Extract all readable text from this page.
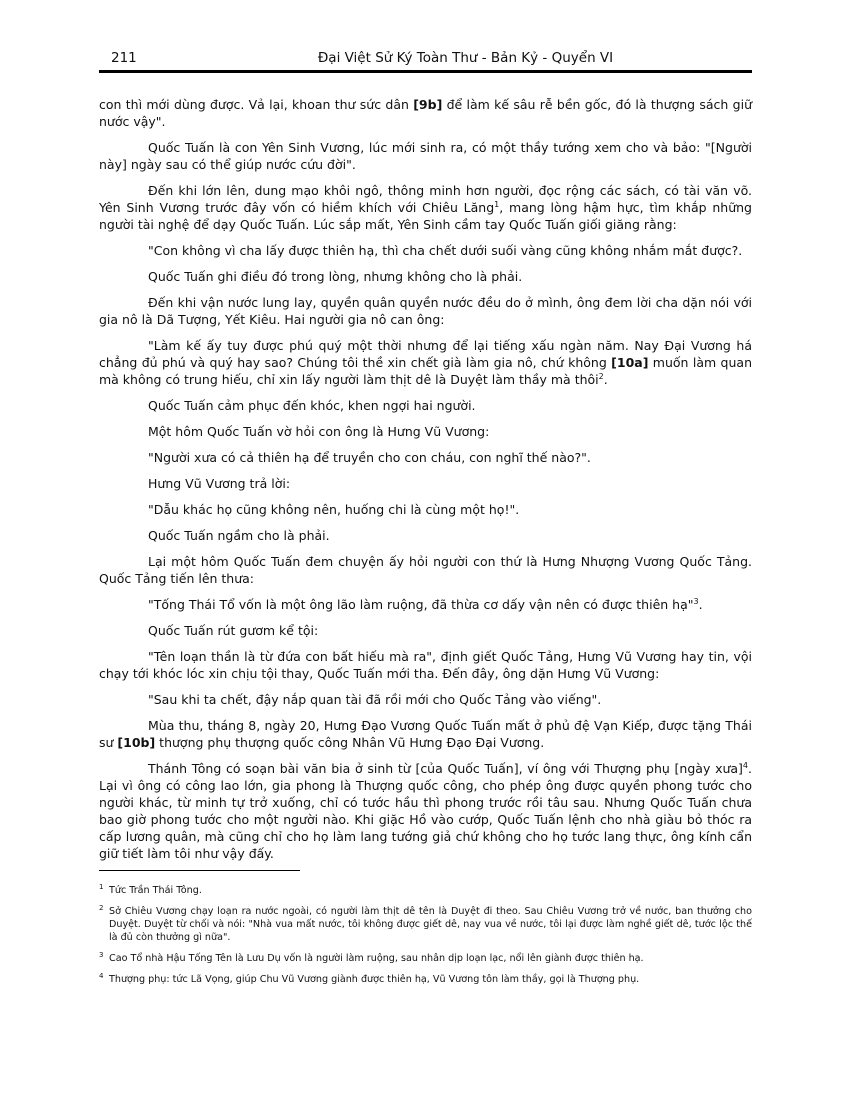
211	Đại Việt Sử Ký Toàn Thư - Bản Kỷ - Quyển VI

con thì mới dùng được. Vả lại, khoan thư sức dân [9b] để làm kế sâu rễ bền gốc, đó là thượng sách giữ nước vậy".

Quốc Tuấn là con Yên Sinh Vương, lúc mới sinh ra, có một thầy tướng xem cho và bảo: "[Người này] ngày sau có thể giúp nước cứu đời".

Đến khi lớn lên, dung mạo khôi ngô, thông minh hơn người, đọc rộng các sách, có tài văn võ. Yên Sinh Vương trước đây vốn có hiềm khích với Chiêu Lăng$^1$, mang lòng hậm hực, tìm khắp những người tài nghệ để dạy Quốc Tuấn. Lúc sắp mất, Yên Sinh cầm tay Quốc Tuấn giối giăng rằng:

"Con không vì cha lấy được thiên hạ, thì cha chết dưới suối vàng cũng không nhắm mắt được?.

Quốc Tuấn ghi điều đó trong lòng, nhưng không cho là phải.

Đến khi vận nước lung lay, quyền quân quyền nước đều do ở mình, ông đem lời cha dặn nói với gia nô là Dã Tượng, Yết Kiêu. Hai người gia nô can ông:

"Làm kế ấy tuy được phú quý một thời nhưng để lại tiếng xấu ngàn năm. Nay Đại Vương há chẳng đủ phú và quý hay sao? Chúng tôi thề xin chết già làm gia nô, chứ không [10a] muốn làm quan mà không có trung hiếu, chỉ xin lấy người làm thịt dê là Duyệt làm thầy mà thôi$^2$.

Quốc Tuấn cảm phục đến khóc, khen ngợi hai người.

Một hôm Quốc Tuấn vờ hỏi con ông là Hưng Vũ Vương:

"Người xưa có cả thiên hạ để truyền cho con cháu, con nghĩ thế nào?".

Hưng Vũ Vương trả lời:

"Dẫu khác họ cũng không nên, huống chi là cùng một họ!".

Quốc Tuấn ngầm cho là phải.

Lại một hôm Quốc Tuấn đem chuyện ấy hỏi người con thứ là Hưng Nhượng Vương Quốc Tảng. Quốc Tảng tiến lên thưa:

"Tống Thái Tổ vốn là một ông lão làm ruộng, đã thừa cơ dấy vận nên có được thiên hạ"$^3$.

Quốc Tuấn rút gươm kể tội:

"Tên loạn thần là từ đứa con bất hiếu mà ra", định giết Quốc Tảng, Hưng Vũ Vương hay tin, vội chạy tới khóc lóc xin chịu tội thay, Quốc Tuấn mới tha. Đến đây, ông dặn Hưng Vũ Vương:

"Sau khi ta chết, đậy nắp quan tài đã rồi mới cho Quốc Tảng vào viếng".

Mùa thu, tháng 8, ngày 20, Hưng Đạo Vương Quốc Tuấn mất ở phủ đệ Vạn Kiếp, được tặng Thái sư [10b] thượng phụ thượng quốc công Nhân Vũ Hưng Đạo Đại Vương.

Thánh Tông có soạn bài văn bia ở sinh từ [của Quốc Tuấn], ví ông với Thượng phụ [ngày xưa]$^4$. Lại vì ông có công lao lớn, gia phong là Thượng quốc công, cho phép ông được quyền phong tước cho người khác, từ minh tự trở xuống, chỉ có tước hầu thì phong trước rồi tâu sau. Nhưng Quốc Tuấn chưa bao giờ phong tước cho một người nào. Khi giặc Hồ vào cướp, Quốc Tuấn lệnh cho nhà giàu bỏ thóc ra cấp lương quân, mà cũng chỉ cho họ làm lang tướng giả chứ không cho họ tước lang thực, ông kính cẩn giữ tiết làm tôi như vậy đấy.

1 Tức Trần Thái Tông.
2 Sở Chiêu Vương chạy loạn ra nước ngoài, có người làm thịt dê tên là Duyệt đi theo. Sau Chiêu Vương trở về nước, ban thưởng cho Duyệt. Duyệt từ chối và nói: "Nhà vua mất nước, tôi không được giết dê, nay vua về nước, tôi lại được làm nghề giết dê, tước lộc thế là đủ còn thưởng gì nữa".
3 Cao Tổ nhà Hậu Tống Tên là Lưu Dụ vốn là người làm ruộng, sau nhân dịp loạn lạc, nổi lên giành được thiên hạ.
4 Thượng phụ: tức Lã Vọng, giúp Chu Vũ Vương giành được thiên hạ, Vũ Vương tôn làm thầy, gọi là Thượng phụ.
